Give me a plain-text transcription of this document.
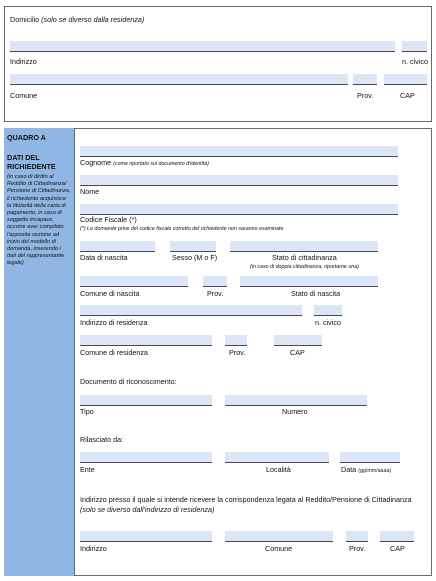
Domicilio (solo se diverso dalla residenza)
Indirizzo	n. civico
Comune	Prov.	CAP
QUADRO A
DATI DEL
RICHIEDENTE
(in caso di diritto al Reddito di Cittadinanza/ Pensione di Cittadinanza, il richiedente acquisisce la titolarità della carta di pagamento, in caso di soggetto incapace, occorre aver compilato l'apposita sezione ad inizio del modello di domanda, inserendo i dati del rappresentante legale)
Cognome (come riportato sul documento d'identità)
Nome
Codice Fiscale (*)
(*) Le domande prive del codice fiscale corretto del richiedente non saranno esaminate
Data di nascita	Sesso (M o F)	Stato di cittadinanza
(in caso di doppia cittadinanza, riportarne una)
Comune di nascita	Prov.	Stato di nascita
Indirizzo di residenza	n. civico
Comune di residenza	Prov.	CAP
Documento di riconoscimento:
Tipo	Numero
Rilasciato da:
Ente	Località	Data (gg/mm/aaaa)
Indirizzo presso il quale si intende ricevere la corrispondenza legata al Reddito/Pensione di Cittadinanza
(solo se diverso dall'indirizzo di residenza)
Indirizzo	Comune	Prov.	CAP
